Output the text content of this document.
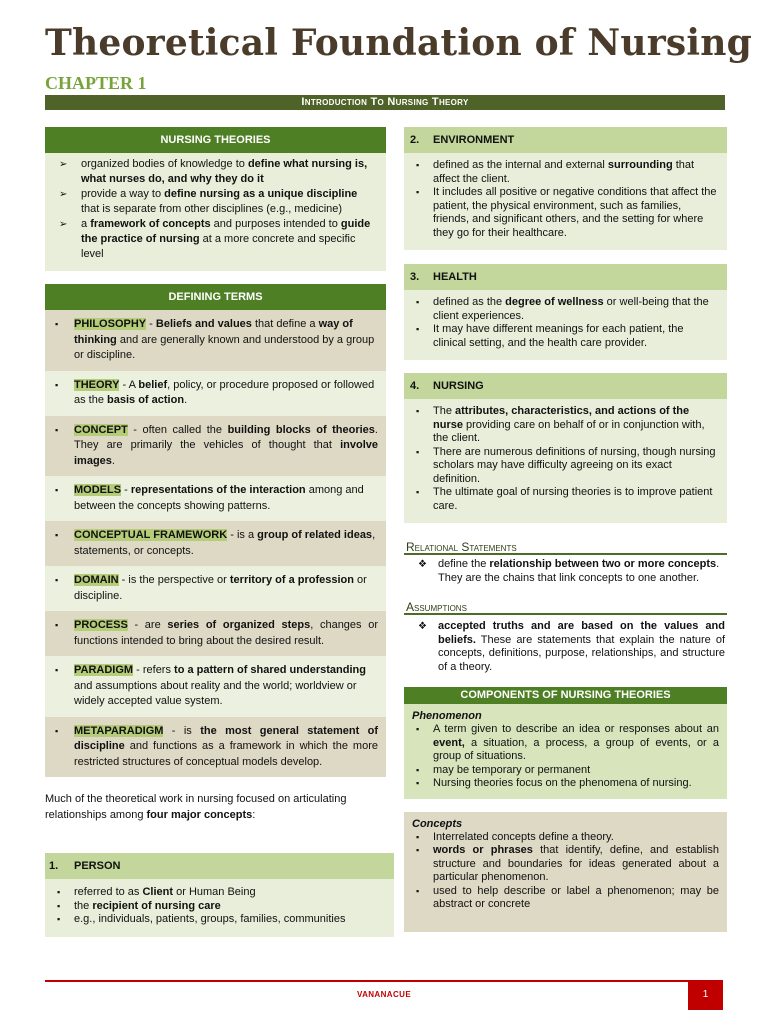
Theoretical Foundation of Nursing
CHAPTER 1
Introduction To Nursing Theory
NURSING THEORIES
➢ organized bodies of knowledge to define what nursing is, what nurses do, and why they do it
➢ provide a way to define nursing as a unique discipline that is separate from other disciplines (e.g., medicine)
➢ a framework of concepts and purposes intended to guide the practice of nursing at a more concrete and specific level
DEFINING TERMS
▪ PHILOSOPHY - Beliefs and values that define a way of thinking and are generally known and understood by a group or discipline.
▪ THEORY - A belief, policy, or procedure proposed or followed as the basis of action.
▪ CONCEPT - often called the building blocks of theories. They are primarily the vehicles of thought that involve images.
▪ MODELS - representations of the interaction among and between the concepts showing patterns.
▪ CONCEPTUAL FRAMEWORK - is a group of related ideas, statements, or concepts.
▪ DOMAIN - is the perspective or territory of a profession or discipline.
▪ PROCESS - are series of organized steps, changes or functions intended to bring about the desired result.
▪ PARADIGM - refers to a pattern of shared understanding and assumptions about reality and the world; worldview or widely accepted value system.
▪ METAPARADIGM - is the most general statement of discipline and functions as a framework in which the more restricted structures of conceptual models develop.

Much of the theoretical work in nursing focused on articulating relationships among four major concepts:

1. PERSON
▪ referred to as Client or Human Being
▪ the recipient of nursing care
▪ e.g., individuals, patients, groups, families, communities
2. ENVIRONMENT
▪ defined as the internal and external surrounding that affect the client.
▪ It includes all positive or negative conditions that affect the patient, the physical environment, such as families, friends, and significant others, and the setting for where they go for their healthcare.
3. HEALTH
▪ defined as the degree of wellness or well-being that the client experiences.
▪ It may have different meanings for each patient, the clinical setting, and the health care provider.
4. NURSING
▪ The attributes, characteristics, and actions of the nurse providing care on behalf of or in conjunction with, the client.
▪ There are numerous definitions of nursing, though nursing scholars may have difficulty agreeing on its exact definition.
▪ The ultimate goal of nursing theories is to improve patient care.
Relational Statements
❖ define the relationship between two or more concepts. They are the chains that link concepts to one another.
Assumptions
❖ accepted truths and are based on the values and beliefs. These are statements that explain the nature of concepts, definitions, purpose, relationships, and structure of a theory.
COMPONENTS OF NURSING THEORIES
Phenomenon
▪ A term given to describe an idea or responses about an event, a situation, a process, a group of events, or a group of situations.
▪ may be temporary or permanent
▪ Nursing theories focus on the phenomena of nursing.
Concepts
▪ Interrelated concepts define a theory.
▪ words or phrases that identify, define, and establish structure and boundaries for ideas generated about a particular phenomenon.
▪ used to help describe or label a phenomenon; may be abstract or concrete
VANANACUE	1
